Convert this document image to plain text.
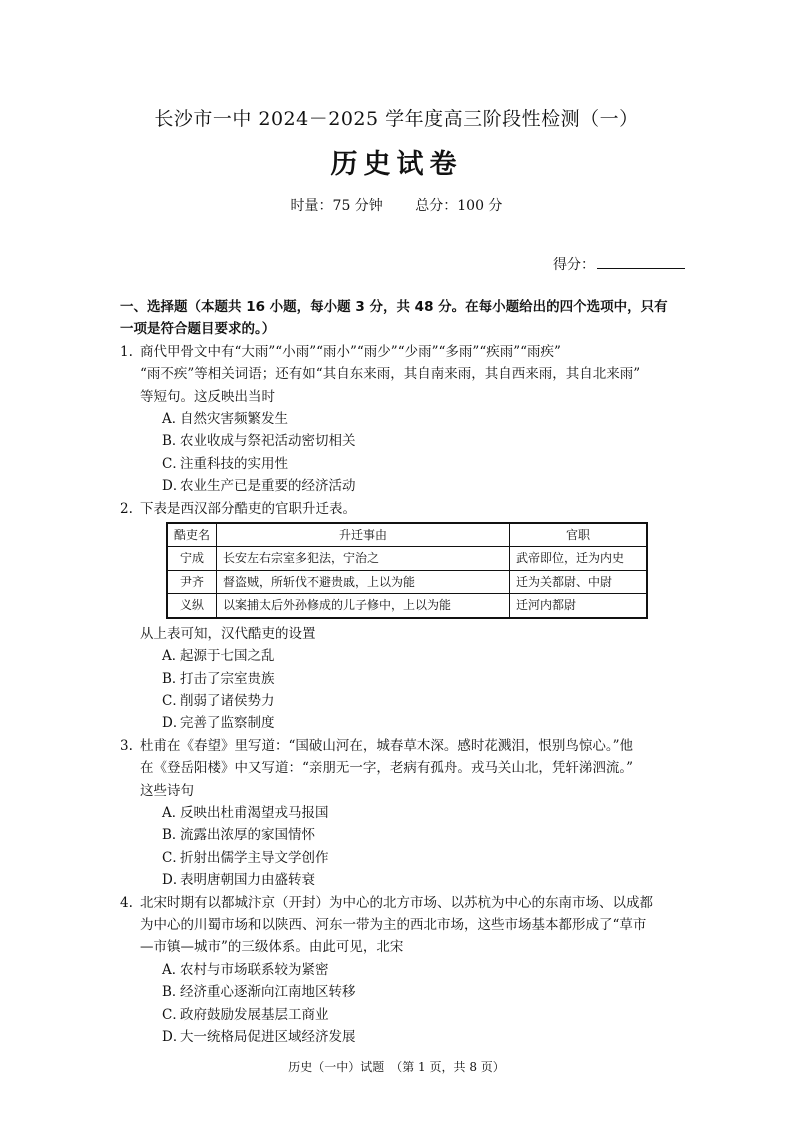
长沙市一中 2024－2025 学年度高三阶段性检测（一）
历史试卷
时量：75 分钟 总分：100 分
得分：
一、选择题（本题共 16 小题，每小题 3 分，共 48 分。在每小题给出的四个选项中，只有
一项是符合题目要求的。）
1. 商代甲骨文中有“大雨”“小雨”“雨小”“雨少”“少雨”“多雨”“疾雨”“雨疾”
“雨不疾”等相关词语；还有如“其自东来雨，其自南来雨，其自西来雨，其自北来雨”
等短句。这反映出当时
A．自然灾害频繁发生
B．农业收成与祭祀活动密切相关
C．注重科技的实用性
D．农业生产已是重要的经济活动
2. 下表是西汉部分酷吏的官职升迁表。
酷吏名	升迁事由	官职
宁成	长安左右宗室多犯法，宁治之	武帝即位，迁为内史
尹齐	督盗贼，所斩伐不避贵戚，上以为能	迁为关都尉、中尉
义纵	以案捕太后外孙修成的儿子修中，上以为能	迁河内都尉
从上表可知，汉代酷吏的设置
A．起源于七国之乱
B．打击了宗室贵族
C．削弱了诸侯势力
D．完善了监察制度
3. 杜甫在《春望》里写道：“国破山河在，城春草木深。感时花溅泪，恨别鸟惊心。”他
在《登岳阳楼》中又写道：“亲朋无一字，老病有孤舟。戎马关山北，凭轩涕泗流。”
这些诗句
A．反映出杜甫渴望戎马报国
B．流露出浓厚的家国情怀
C．折射出儒学主导文学创作
D．表明唐朝国力由盛转衰
4. 北宋时期有以都城汴京（开封）为中心的北方市场、以苏杭为中心的东南市场、以成都
为中心的川蜀市场和以陕西、河东一带为主的西北市场，这些市场基本都形成了“草市
—市镇—城市”的三级体系。由此可见，北宋
A．农村与市场联系较为紧密
B．经济重心逐渐向江南地区转移
C．政府鼓励发展基层工商业
D．大一统格局促进区域经济发展
历史（一中）试题　（第 1 页，共 8 页）
